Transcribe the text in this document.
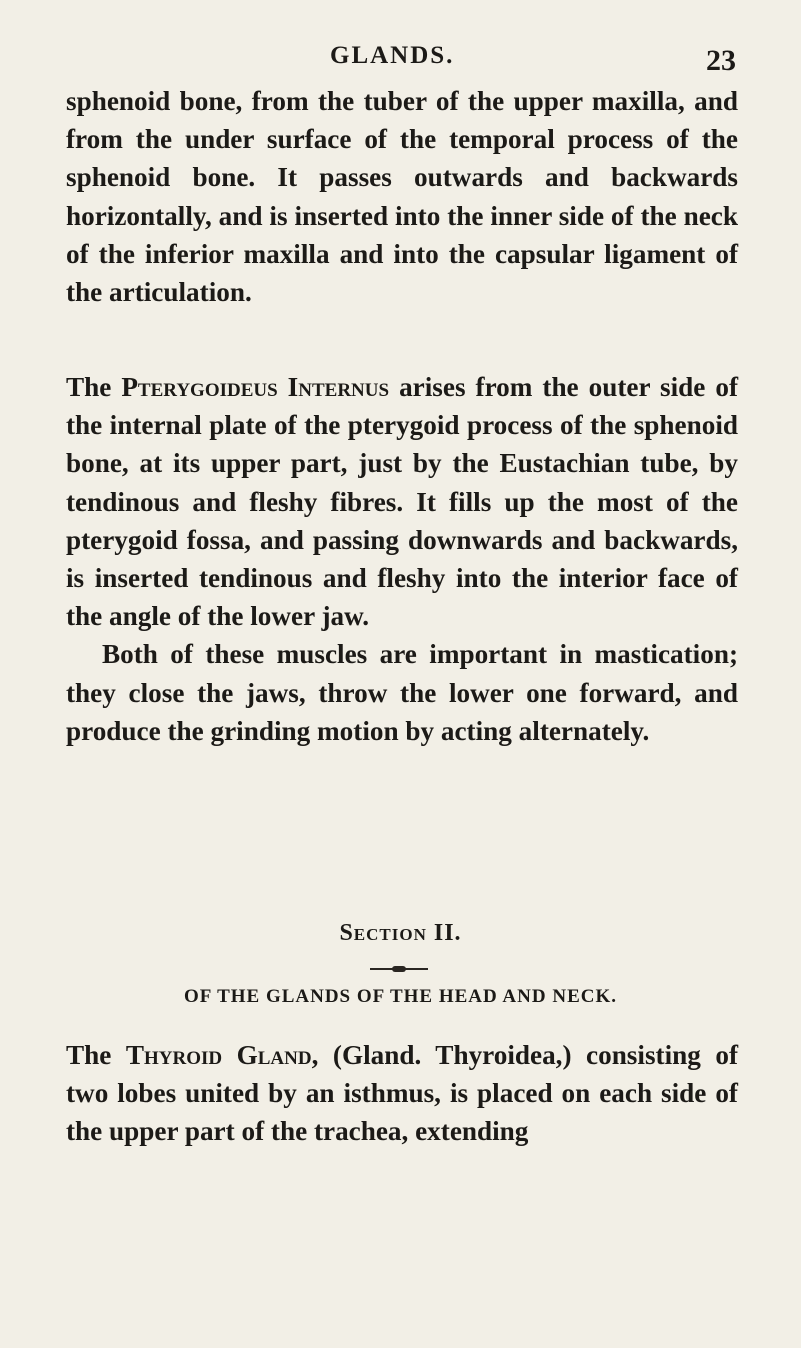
GLANDS.	23

sphenoid bone, from the tuber of the upper maxilla, and from the under surface of the temporal process of the sphenoid bone. It passes outwards and backwards horizontally, and is inserted into the inner side of the neck of the inferior maxilla and into the capsular ligament of the articulation.

The Pterygoideus Internus arises from the outer side of the internal plate of the pterygoid process of the sphenoid bone, at its upper part, just by the Eustachian tube, by tendinous and fleshy fibres. It fills up the most of the pterygoid fossa, and passing downwards and backwards, is inserted tendinous and fleshy into the interior face of the angle of the lower jaw.
Both of these muscles are important in mastication; they close the jaws, throw the lower one forward, and produce the grinding motion by acting alternately.
Section II.
OF THE GLANDS OF THE HEAD AND NECK.

The Thyroid Gland, (Gland. Thyroidea,) consisting of two lobes united by an isthmus, is placed on each side of the upper part of the trachea, extending
